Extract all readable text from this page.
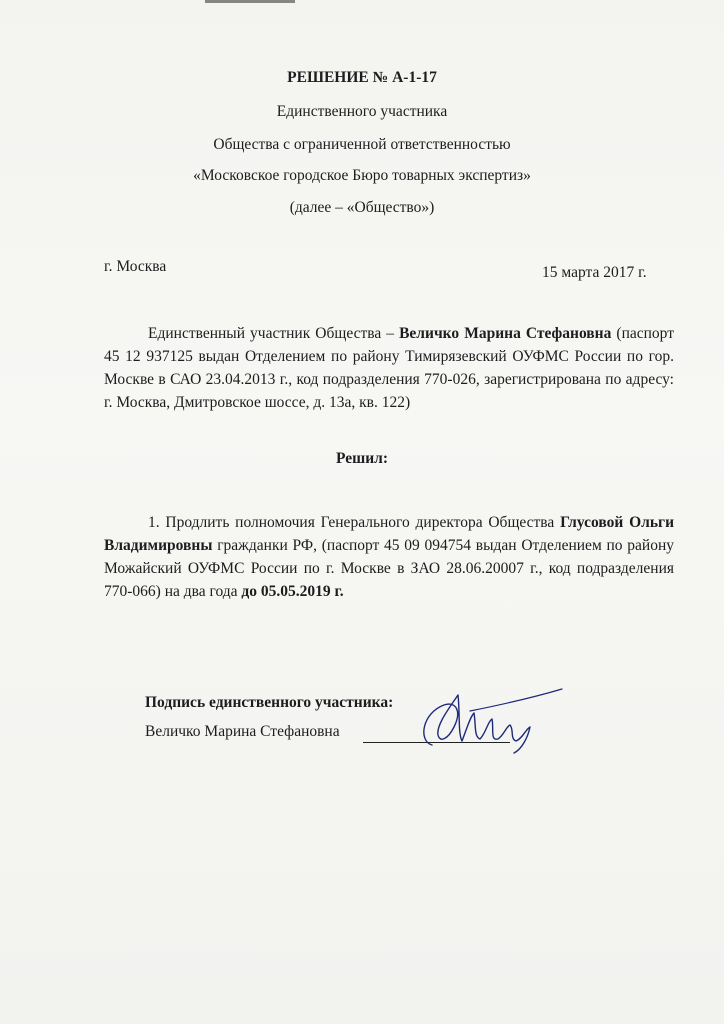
РЕШЕНИЕ № А-1-17
Единственного участника
Общества с ограниченной ответственностью
«Московское городское Бюро товарных экспертиз»
(далее – «Общество»)
г. Москва	15 марта 2017 г.
Единственный участник Общества – Величко Марина Стефановна (паспорт 45 12 937125 выдан Отделением по району Тимирязевский ОУФМС России по гор. Москве в САО 23.04.2013 г., код подразделения 770-026, зарегистрирована по адресу: г. Москва, Дмитровское шоссе, д. 13а, кв. 122)
Решил:
1. Продлить полномочия Генерального директора Общества Глусовой Ольги Владимировны гражданки РФ, (паспорт 45 09 094754 выдан Отделением по району Можайский ОУФМС России по г. Москве в ЗАО 28.06.20007 г., код подразделения 770-066) на два года до 05.05.2019 г.
Подпись единственного участника:
Величко Марина Стефановна
